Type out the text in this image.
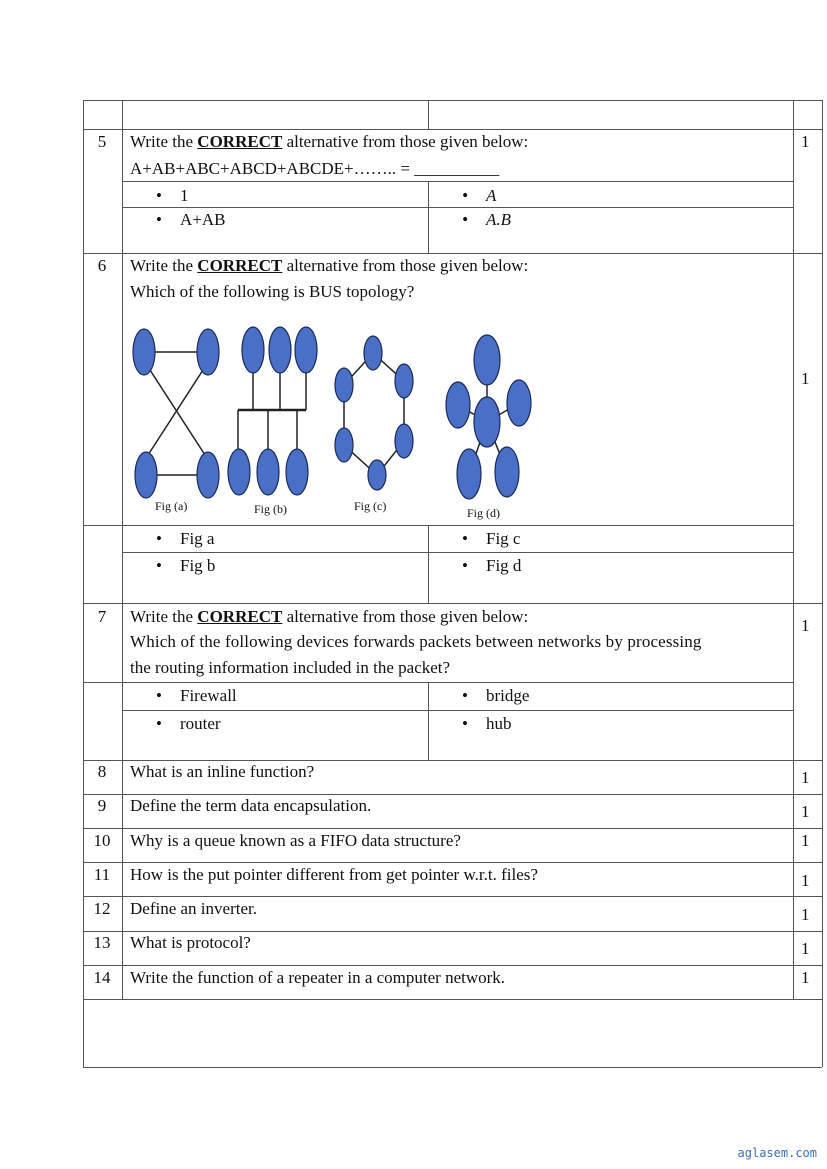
5	Write the CORRECT alternative from those given below:
A+AB+ABC+ABCD+ABCDE+…….. = __________
1
• 1	• A
• A+AB	• A.B
6	Write the CORRECT alternative from those given below:
Which of the following is BUS topology?
1
Fig (a)	Fig (b)	Fig (c)	Fig (d)
• Fig a	• Fig c
• Fig b	• Fig d
7	Write the CORRECT alternative from those given below:
Which of the following devices forwards packets between networks by processing
the routing information included in the packet?
1
• Firewall	• bridge
• router	• hub
8	What is an inline function?	1
9	Define the term data encapsulation.	1
10	Why is a queue known as a FIFO data structure?	1
11	How is the put pointer different from get pointer w.r.t. files?	1
12	Define an inverter.	1
13	What is protocol?	1
14	Write the function of a repeater in a computer network.	1
aglasem.com
